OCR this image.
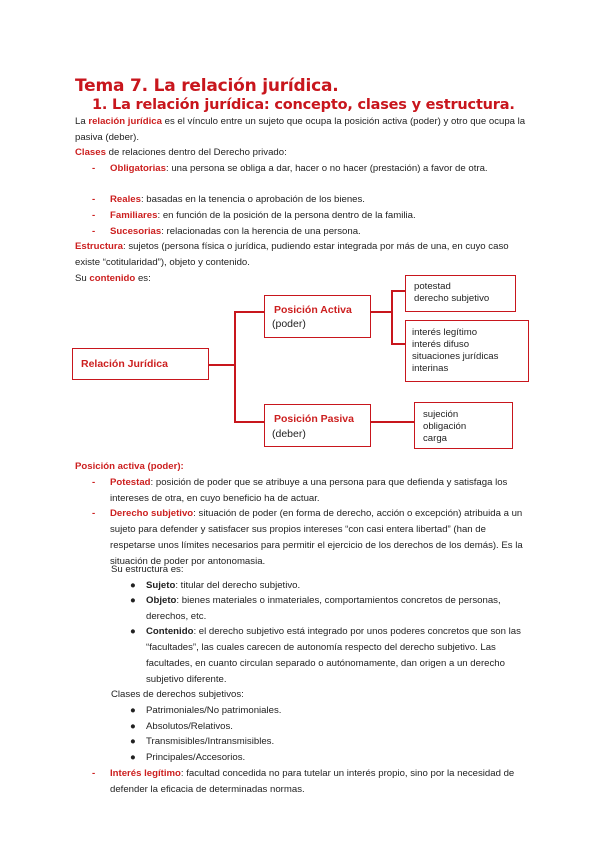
Tema 7. La relación jurídica.
1. La relación jurídica: concepto, clases y estructura.
La relación jurídica es el vínculo entre un sujeto que ocupa la posición activa (poder) y otro que ocupa la pasiva (deber).
Clases de relaciones dentro del Derecho privado:
-	Obligatorias: una persona se obliga a dar, hacer o no hacer (prestación) a favor de otra.
-	Reales: basadas en la tenencia o aprobación de los bienes.
-	Familiares: en función de la posición de la persona dentro de la familia.
-	Sucesorias: relacionadas con la herencia de una persona.
Estructura: sujetos (persona física o jurídica, pudiendo estar integrada por más de una, en cuyo caso existe “cotitularidad”), objeto y contenido.
Su contenido es:
Relación Jurídica
Posición Activa
(poder)
potestad
derecho subjetivo
interés legítimo
interés difuso
situaciones jurídicas
interinas
Posición Pasiva
(deber)
sujeción
obligación
carga
Posición activa (poder):
-	Potestad: posición de poder que se atribuye a una persona para que defienda y satisfaga los intereses de otra, en cuyo beneficio ha de actuar.
-	Derecho subjetivo: situación de poder (en forma de derecho, acción o excepción) atribuida a un sujeto para defender y satisfacer sus propios intereses “con casi entera libertad” (han de respetarse unos límites necesarios para permitir el ejercicio de los derechos de los demás). Es la situación de poder por antonomasia.
Su estructura es:
● Sujeto: titular del derecho subjetivo.
● Objeto: bienes materiales o inmateriales, comportamientos concretos de personas, derechos, etc.
● Contenido: el derecho subjetivo está integrado por unos poderes concretos que son las “facultades”, las cuales carecen de autonomía respecto del derecho subjetivo. Las facultades, en cuanto circulan separado o autónomamente, dan origen a un derecho subjetivo diferente.
Clases de derechos subjetivos:
● Patrimoniales/No patrimoniales.
● Absolutos/Relativos.
● Transmisibles/Intransmisibles.
● Principales/Accesorios.
-	Interés legítimo: facultad concedida no para tutelar un interés propio, sino por la necesidad de defender la eficacia de determinadas normas.
